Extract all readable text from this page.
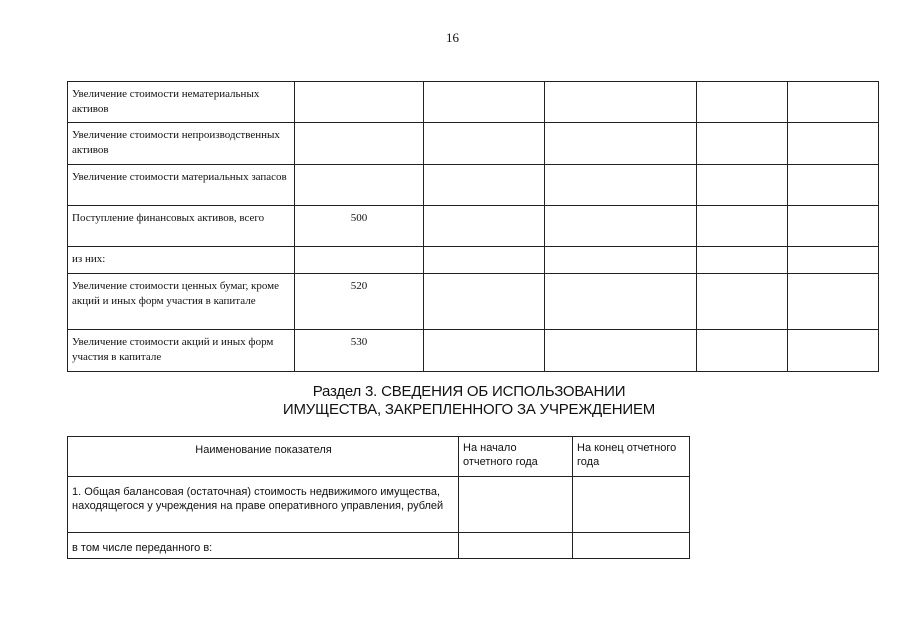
16
Увеличение стоимости нематериальных активов					
Увеличение стоимости непроизводственных активов					
Увеличение стоимости материальных запасов					
Поступление финансовых активов, всего	500				
из них:					
Увеличение стоимости ценных бумаг, кроме акций и иных форм участия в капитале	520				
Увеличение стоимости акций и иных форм участия в капитале	530				
Раздел 3. СВЕДЕНИЯ ОБ ИСПОЛЬЗОВАНИИ
ИМУЩЕСТВА, ЗАКРЕПЛЕННОГО ЗА УЧРЕЖДЕНИЕМ
Наименование показателя	На начало отчетного года	На конец отчетного года
1. Общая балансовая (остаточная) стоимость недвижимого имущества, находящегося у учреждения на праве оперативного управления, рублей		
в том числе переданного в:		
